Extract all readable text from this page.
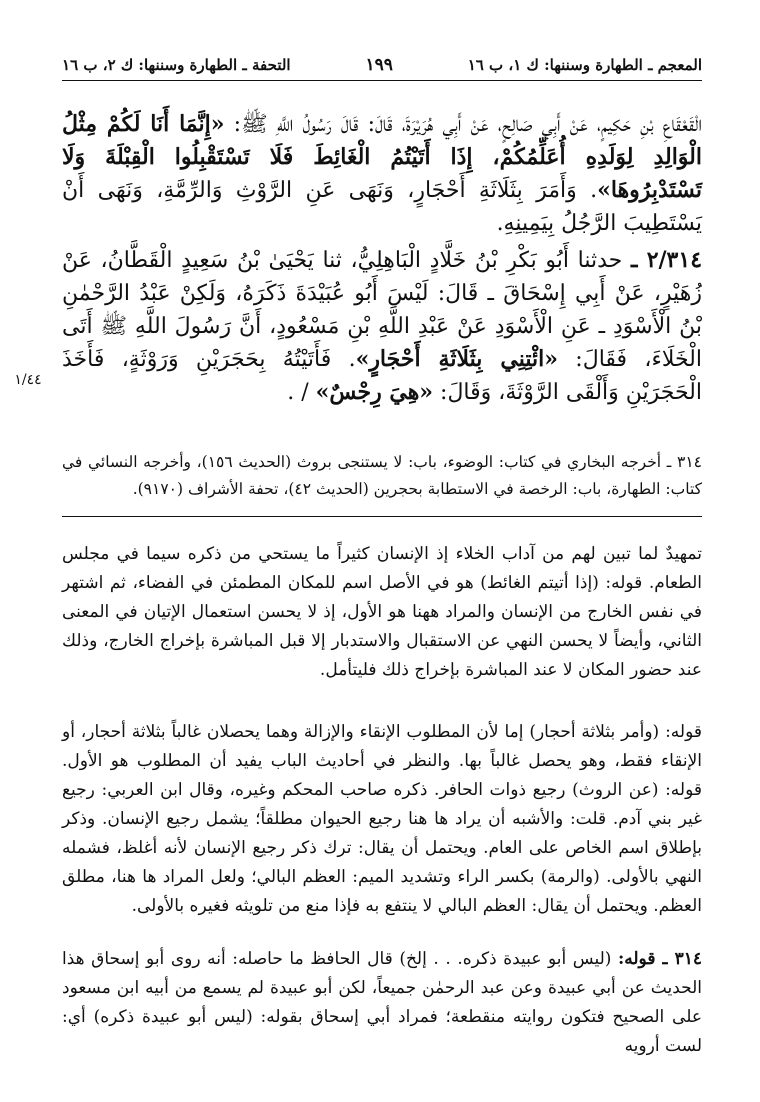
المعجم ـ الطهارة وسننها: ك ١، ب ١٦
١٩٩
التحفة ـ الطهارة وسننها: ك ٢، ب ١٦
الْقَعْقَاعِ بْنِ حَكِيمٍ، عَنْ أَبِي صَالِحٍ، عَنْ أَبِي هُرَيْرَةَ، قَالَ: قَالَ رَسُولُ اللَّهِ ﷺ: «إِنَّمَا أَنَا لَكُمْ مِثْلُ الْوَالِدِ لِوَلَدِهِ أُعَلِّمُكُمْ، إِذَا أَتَيْتُمُ الْغَائِطَ فَلَا تَسْتَقْبِلُوا الْقِبْلَةَ وَلَا تَسْتَدْبِرُوهَا». وَأَمَرَ بِثَلَاثَةِ أَحْجَارٍ، وَنَهَى عَنِ الرَّوْثِ وَالرِّمَّةِ، وَنَهَى أَنْ يَسْتَطِيبَ الرَّجُلُ بِيَمِينِهِ.
٢/٣١٤ ـ حدثنا أَبُو بَكْرِ بْنُ خَلَّادٍ الْبَاهِلِيُّ، ثنا يَحْيَىٰ بْنُ سَعِيدٍ الْقَطَّانُ، عَنْ زُهَيْرٍ، عَنْ أَبِي إِسْحَاقَ ـ قَالَ: لَيْسَ أَبُو عُبَيْدَةَ ذَكَرَهُ، وَلَكِنْ عَبْدُ الرَّحْمٰنِ بْنُ الْأَسْوَدِ ـ عَنِ الْأَسْوَدِ عَنْ عَبْدِ اللَّهِ بْنِ مَسْعُودٍ، أَنَّ رَسُولَ اللَّهِ ﷺ أَتَى الْخَلَاءَ، فَقَالَ: «ائْتِنِي بِثَلَاثَةِ أَحْجَارٍ». فَأَتَيْتُهُ بِحَجَرَيْنِ وَرَوْثَةٍ، فَأَخَذَ الْحَجَرَيْنِ وَأَلْقَى الرَّوْثَةَ، وَقَالَ: «هِيَ رِجْسٌ» / .
١/٤٤
٣١٤ ـ أخرجه البخاري في كتاب: الوضوء، باب: لا يستنجى بروث (الحديث ١٥٦)، وأخرجه النسائي في كتاب: الطهارة، باب: الرخصة في الاستطابة بحجرين (الحديث ٤٢)، تحفة الأشراف (٩١٧٠).
تمهيدٌ لما تبين لهم من آداب الخلاء إذ الإنسان كثيراً ما يستحي من ذكره سيما في مجلس الطعام. قوله: (إذا أتيتم الغائط) هو في الأصل اسم للمكان المطمئن في الفضاء، ثم اشتهر في نفس الخارج من الإنسان والمراد ههنا هو الأول، إذ لا يحسن استعمال الإتيان في المعنى الثاني، وأيضاً لا يحسن النهي عن الاستقبال والاستدبار إلا قبل المباشرة بإخراج الخارج، وذلك عند حضور المكان لا عند المباشرة بإخراج ذلك فليتأمل.
قوله: (وأمر بثلاثة أحجار) إما لأن المطلوب الإنقاء والإزالة وهما يحصلان غالباً بثلاثة أحجار، أو الإنقاء فقط، وهو يحصل غالباً بها. والنظر في أحاديث الباب يفيد أن المطلوب هو الأول. قوله: (عن الروث) رجيع ذوات الحافر. ذكره صاحب المحكم وغيره، وقال ابن العربي: رجيع غير بني آدم. قلت: والأشبه أن يراد ها هنا رجيع الحيوان مطلقاً؛ يشمل رجيع الإنسان. وذكر بإطلاق اسم الخاص على العام. ويحتمل أن يقال: ترك ذكر رجيع الإنسان لأنه أغلظ، فشمله النهي بالأولى. (والرمة) بكسر الراء وتشديد الميم: العظم البالي؛ ولعل المراد ها هنا، مطلق العظم. ويحتمل أن يقال: العظم البالي لا ينتفع به فإذا منع من تلويثه فغيره بالأولى.
٣١٤ ـ قوله: (ليس أبو عبيدة ذكره. . . إلخ) قال الحافظ ما حاصله: أنه روى أبو إسحاق هذا الحديث عن أبي عبيدة وعن عبد الرحمٰن جميعاً، لكن أبو عبيدة لم يسمع من أبيه ابن مسعود على الصحيح فتكون روايته منقطعة؛ فمراد أبي إسحاق بقوله: (ليس أبو عبيدة ذكره) أي: لست أرويه
